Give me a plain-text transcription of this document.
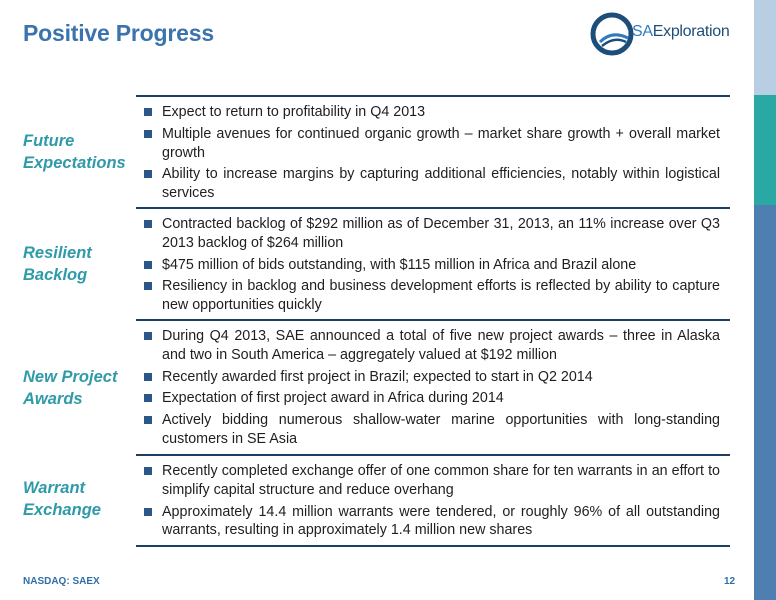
Positive Progress	SAExploration
Future
Expectations
Expect to return to profitability in Q4 2013
Multiple avenues for continued organic growth – market share growth + overall market growth
Ability to increase margins by capturing additional efficiencies, notably within logistical services
Resilient
Backlog
Contracted backlog of $292 million as of December 31, 2013, an 11% increase over Q3 2013 backlog of $264 million
$475 million of bids outstanding, with $115 million in Africa and Brazil alone
Resiliency in backlog and business development efforts is reflected by ability to capture new opportunities quickly
New Project
Awards
During Q4 2013, SAE announced a total of five new project awards – three in Alaska and two in South America – aggregately valued at $192 million
Recently awarded first project in Brazil; expected to start in Q2 2014
Expectation of first project award in Africa during 2014
Actively bidding numerous shallow-water marine opportunities with long-standing customers in SE Asia
Warrant
Exchange
Recently completed exchange offer of one common share for ten warrants in an effort to simplify capital structure and reduce overhang
Approximately 14.4 million warrants were tendered, or roughly 96% of all outstanding warrants, resulting in approximately 1.4 million new shares
NASDAQ: SAEX	12
